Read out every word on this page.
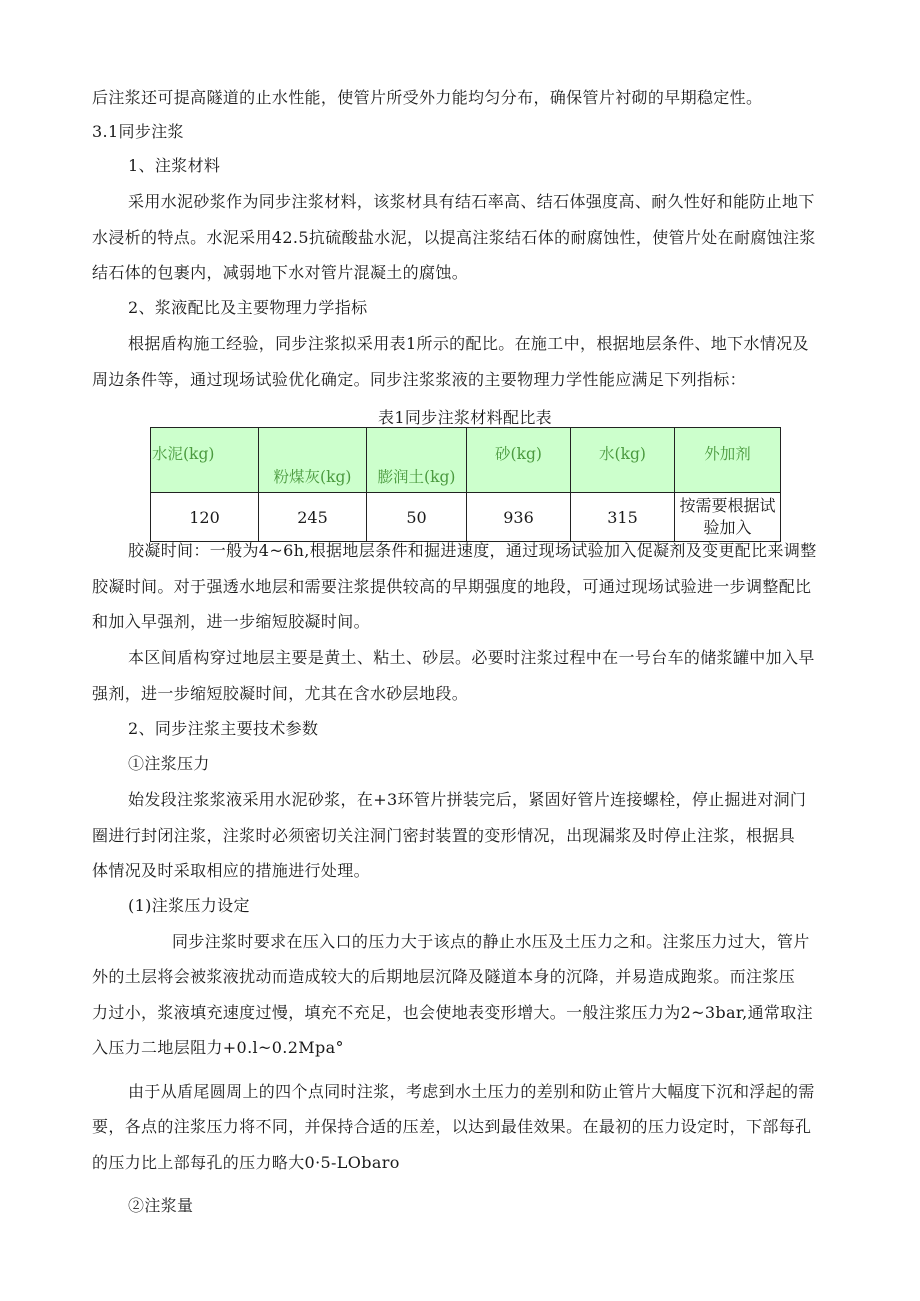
后注浆还可提高隧道的止水性能，使管片所受外力能均匀分布，确保管片衬砌的早期稳定性。

3.1同步注浆

1、注浆材料

采用水泥砂浆作为同步注浆材料，该浆材具有结石率高、结石体强度高、耐久性好和能防止地下

水浸析的特点。水泥采用42.5抗硫酸盐水泥，以提高注浆结石体的耐腐蚀性，使管片处在耐腐蚀注浆

结石体的包裹内，减弱地下水对管片混凝土的腐蚀。

2、浆液配比及主要物理力学指标

根据盾构施工经验，同步注浆拟采用表1所示的配比。在施工中，根据地层条件、地下水情况及

周边条件等，通过现场试验优化确定。同步注浆浆液的主要物理力学性能应满足下列指标：

表1同步注浆材料配比表
水泥(kg)	粉煤灰(kg)	膨润土(kg)	砂(kg)	水(kg)	外加剂
120	245	50	936	315	按需要根据试
验加入

胶凝时间：一般为4~6h,根据地层条件和掘进速度，通过现场试验加入促凝剂及变更配比来调整

胶凝时间。对于强透水地层和需要注浆提供较高的早期强度的地段，可通过现场试验进一步调整配比

和加入早强剂，进一步缩短胶凝时间。

本区间盾构穿过地层主要是黄土、粘土、砂层。必要时注浆过程中在一号台车的储浆罐中加入早

强剂，进一步缩短胶凝时间，尤其在含水砂层地段。

2、同步注浆主要技术参数

①注浆压力

始发段注浆浆液采用水泥砂浆，在+3环管片拼装完后，紧固好管片连接螺栓，停止掘进对洞门

圈进行封闭注浆，注浆时必须密切关注洞门密封装置的变形情况，出现漏浆及时停止注浆，根据具

体情况及时采取相应的措施进行处理。

(1)注浆压力设定

同步注浆时要求在压入口的压力大于该点的静止水压及土压力之和。注浆压力过大，管片

外的土层将会被浆液扰动而造成较大的后期地层沉降及隧道本身的沉降，并易造成跑浆。而注浆压

力过小，浆液填充速度过慢，填充不充足，也会使地表变形增大。一般注浆压力为2~3bar,通常取注

入压力二地层阻力+0.l~0.2Mpa°

由于从盾尾圆周上的四个点同时注浆，考虑到水土压力的差别和防止管片大幅度下沉和浮起的需

要，各点的注浆压力将不同，并保持合适的压差，以达到最佳效果。在最初的压力设定时，下部每孔

的压力比上部每孔的压力略大0·5-LObaro

②注浆量
